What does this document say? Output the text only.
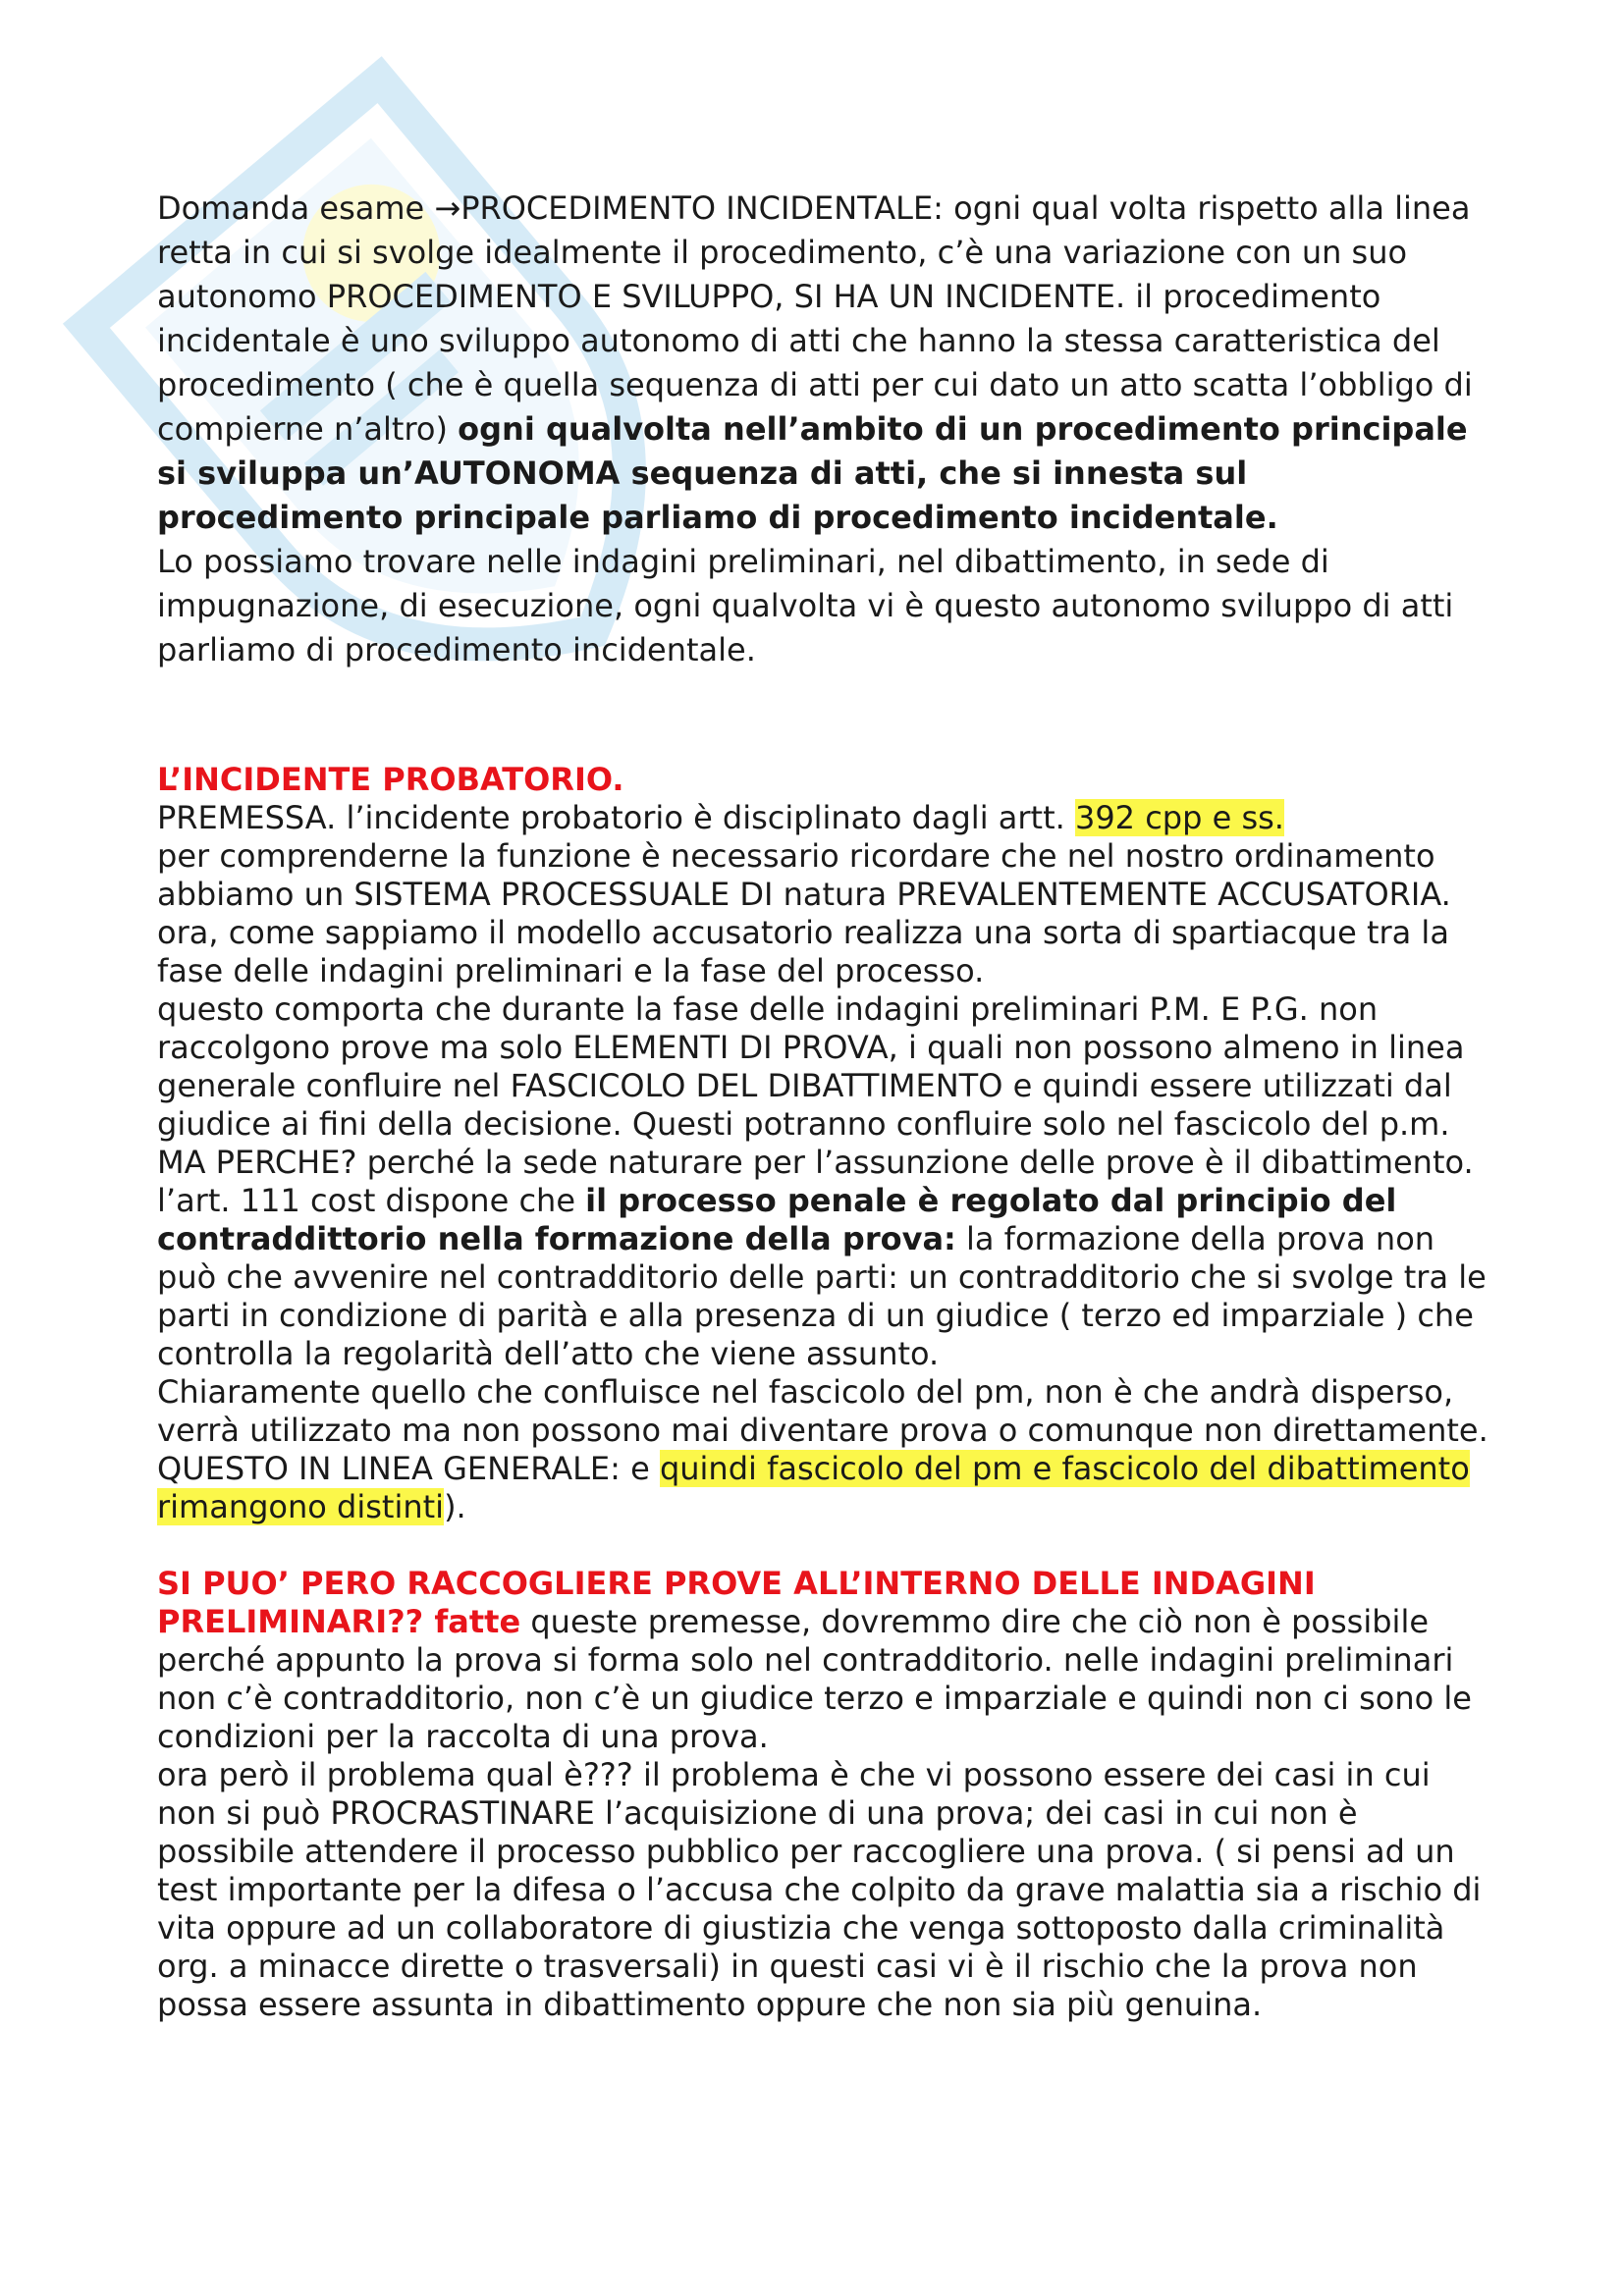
Domanda esame →PROCEDIMENTO INCIDENTALE: ogni qual volta rispetto alla linea retta in cui si svolge idealmente il procedimento, c’è una variazione con un suo autonomo PROCEDIMENTO E SVILUPPO, SI HA UN INCIDENTE. il procedimento incidentale è uno sviluppo autonomo di atti che hanno la stessa caratteristica del procedimento ( che è quella sequenza di atti per cui dato un atto scatta l’obbligo di compierne n’altro) ogni qualvolta nell’ambito di un procedimento principale si sviluppa un’AUTONOMA sequenza di atti, che si innesta sul procedimento principale parliamo di procedimento incidentale.

Lo possiamo trovare nelle indagini preliminari, nel dibattimento, in sede di impugnazione, di esecuzione, ogni qualvolta vi è questo autonomo sviluppo di atti parliamo di procedimento incidentale.

L’INCIDENTE PROBATORIO.

PREMESSA. l’incidente probatorio è disciplinato dagli artt. 392 cpp e ss.

per comprenderne la funzione è necessario ricordare che nel nostro ordinamento abbiamo un SISTEMA PROCESSUALE DI natura PREVALENTEMENTE ACCUSATORIA. ora, come sappiamo il modello accusatorio realizza una sorta di spartiacque tra la fase delle indagini preliminari e la fase del processo.

questo comporta che durante la fase delle indagini preliminari P.M. E P.G. non raccolgono prove ma solo ELEMENTI DI PROVA, i quali non possono almeno in linea generale confluire nel FASCICOLO DEL DIBATTIMENTO e quindi essere utilizzati dal giudice ai fini della decisione. Questi potranno confluire solo nel fascicolo del p.m. MA PERCHE? perché la sede naturare per l’assunzione delle prove è il dibattimento.

l’art. 111 cost dispone che il processo penale è regolato dal principio del contraddittorio nella formazione della prova: la formazione della prova non può che avvenire nel contradditorio delle parti: un contradditorio che si svolge tra le parti in condizione di parità e alla presenza di un giudice ( terzo ed imparziale ) che controlla la regolarità dell’atto che viene assunto.

Chiaramente quello che confluisce nel fascicolo del pm, non è che andrà disperso, verrà utilizzato ma non possono mai diventare prova o comunque non direttamente. QUESTO IN LINEA GENERALE: e quindi fascicolo del pm e fascicolo del dibattimento rimangono distinti).

SI PUO’ PERO RACCOGLIERE PROVE ALL’INTERNO DELLE INDAGINI PRELIMINARI?? fatte queste premesse, dovremmo dire che ciò non è possibile perché appunto la prova si forma solo nel contradditorio. nelle indagini preliminari non c’è contradditorio, non c’è un giudice terzo e imparziale e quindi non ci sono le condizioni per la raccolta di una prova.

ora però il problema qual è??? il problema è che vi possono essere dei casi in cui non si può PROCRASTINARE l’acquisizione di una prova; dei casi in cui non è possibile attendere il processo pubblico per raccogliere una prova. ( si pensi ad un test importante per la difesa o l’accusa che colpito da grave malattia sia a rischio di vita oppure ad un collaboratore di giustizia che venga sottoposto dalla criminalità org. a minacce dirette o trasversali) in questi casi vi è il rischio che la prova non possa essere assunta in dibattimento oppure che non sia più genuina.
